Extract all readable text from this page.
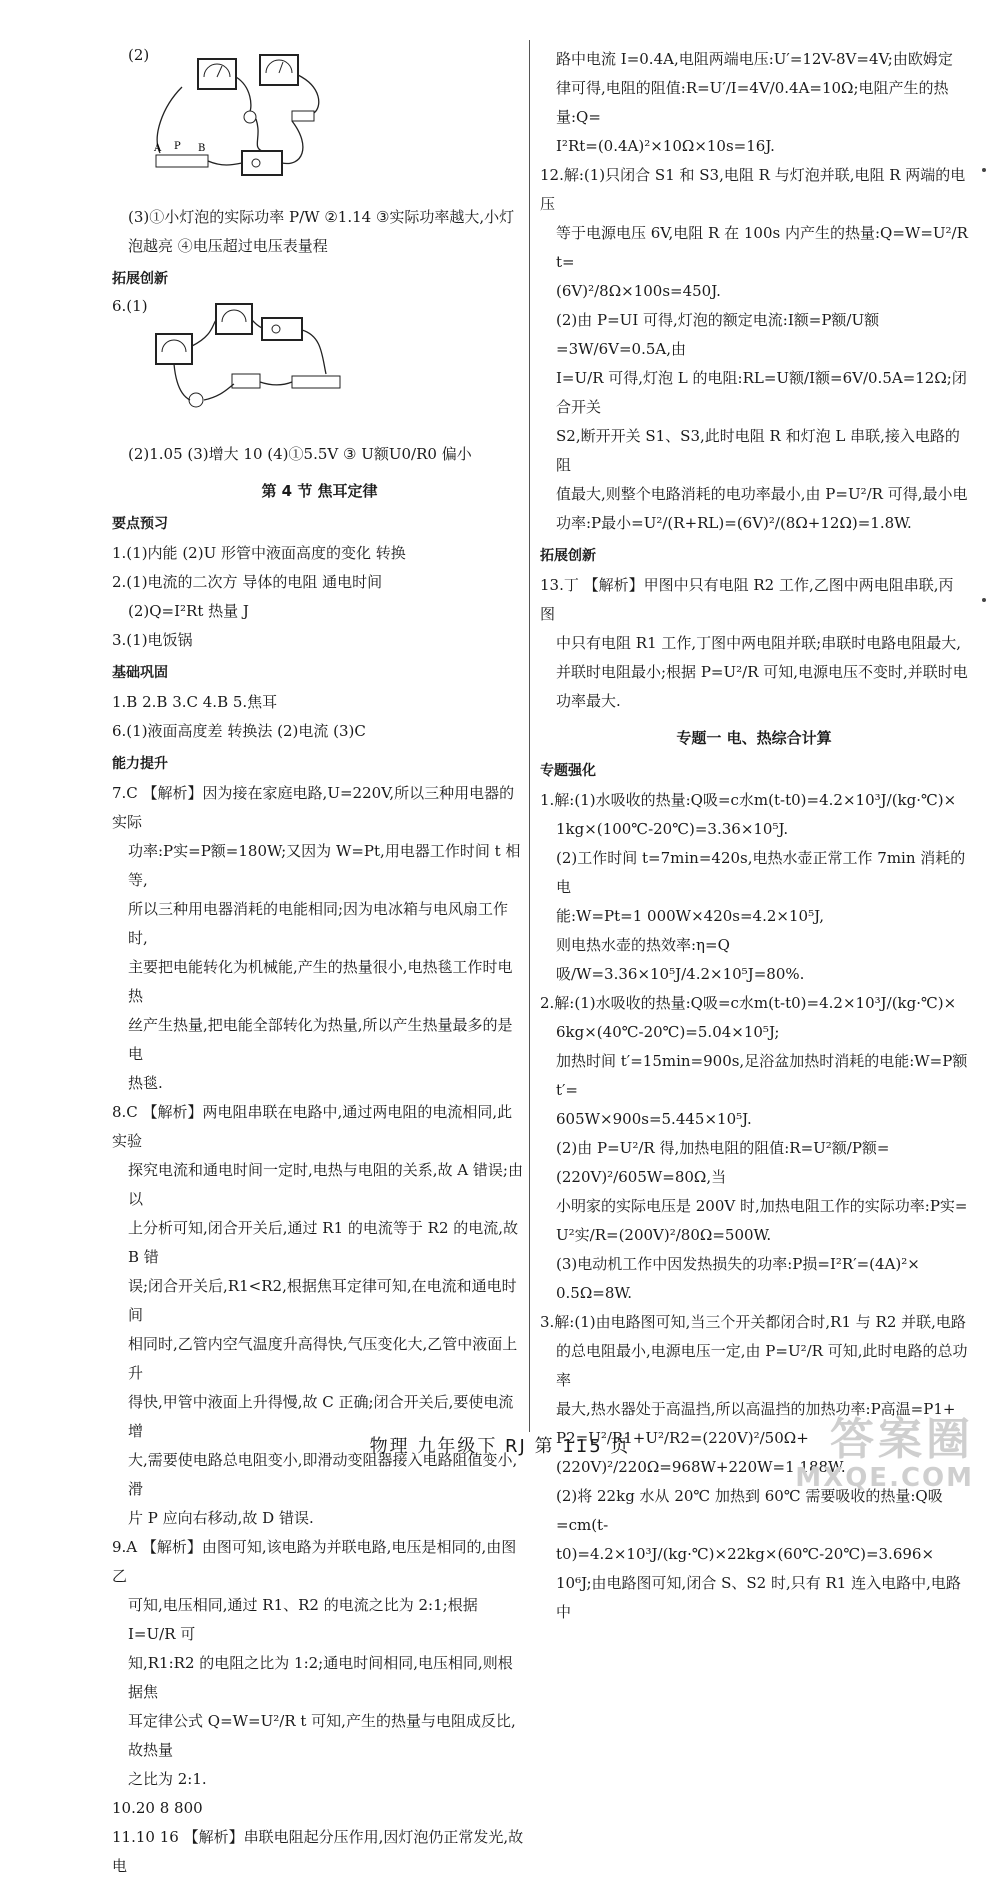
(2)
A P B

(3)①小灯泡的实际功率 P/W ②1.14 ③实际功率越大,小灯

泡越亮 ④电压超过电压表量程

拓展创新

6.(1)

(2)1.05 (3)增大 10 (4)①5.5V ③ U额U0/R0 偏小

第 4 节 焦耳定律

要点预习

1.(1)内能 (2)U 形管中液面高度的变化 转换

2.(1)电流的二次方 导体的电阻 通电时间

(2)Q=I²Rt 热量 J

3.(1)电饭锅

基础巩固

1.B 2.B 3.C 4.B 5.焦耳

6.(1)液面高度差 转换法 (2)电流 (3)C

能力提升

7.C 【解析】因为接在家庭电路,U=220V,所以三种用电器的实际

功率:P实=P额=180W;又因为 W=Pt,用电器工作时间 t 相等,

所以三种用电器消耗的电能相同;因为电冰箱与电风扇工作时,

主要把电能转化为机械能,产生的热量很小,电热毯工作时电热

丝产生热量,把电能全部转化为热量,所以产生热量最多的是电

热毯.

8.C 【解析】两电阻串联在电路中,通过两电阻的电流相同,此实验

探究电流和通电时间一定时,电热与电阻的关系,故 A 错误;由以

上分析可知,闭合开关后,通过 R1 的电流等于 R2 的电流,故 B 错

误;闭合开关后,R1<R2,根据焦耳定律可知,在电流和通电时间

相同时,乙管内空气温度升高得快,气压变化大,乙管中液面上升

得快,甲管中液面上升得慢,故 C 正确;闭合开关后,要使电流增

大,需要使电路总电阻变小,即滑动变阻器接入电路阻值变小,滑

片 P 应向右移动,故 D 错误.

9.A 【解析】由图可知,该电路为并联电路,电压是相同的,由图乙

可知,电压相同,通过 R1、R2 的电流之比为 2:1;根据 I=U/R 可

知,R1:R2 的电阻之比为 1:2;通电时间相同,电压相同,则根据焦

耳定律公式 Q=W=U²/R t 可知,产生的热量与电阻成反比,故热量

之比为 2:1.

10.20 8 800

11.10 16 【解析】串联电阻起分压作用,因灯泡仍正常发光,故电

路中电流 I=0.4A,电阻两端电压:U′=12V-8V=4V;由欧姆定

律可得,电阻的阻值:R=U′/I=4V/0.4A=10Ω;电阻产生的热量:Q=

I²Rt=(0.4A)²×10Ω×10s=16J.

12.解:(1)只闭合 S1 和 S3,电阻 R 与灯泡并联,电阻 R 两端的电压

等于电源电压 6V,电阻 R 在 100s 内产生的热量:Q=W=U²/R t=

(6V)²/8Ω×100s=450J.

(2)由 P=UI 可得,灯泡的额定电流:I额=P额/U额=3W/6V=0.5A,由

I=U/R 可得,灯泡 L 的电阻:RL=U额/I额=6V/0.5A=12Ω;闭合开关

S2,断开开关 S1、S3,此时电阻 R 和灯泡 L 串联,接入电路的阻

值最大,则整个电路消耗的电功率最小,由 P=U²/R 可得,最小电

功率:P最小=U²/(R+RL)=(6V)²/(8Ω+12Ω)=1.8W.

拓展创新

13.丁 【解析】甲图中只有电阻 R2 工作,乙图中两电阻串联,丙图

中只有电阻 R1 工作,丁图中两电阻并联;串联时电路电阻最大,

并联时电阻最小;根据 P=U²/R 可知,电源电压不变时,并联时电

功率最大.

专题一 电、热综合计算

专题强化

1.解:(1)水吸收的热量:Q吸=c水m(t-t0)=4.2×10³J/(kg·℃)×

1kg×(100℃-20℃)=3.36×10⁵J.

(2)工作时间 t=7min=420s,电热水壶正常工作 7min 消耗的电

能:W=Pt=1 000W×420s=4.2×10⁵J,

则电热水壶的热效率:η=Q吸/W=3.36×10⁵J/4.2×10⁵J=80%.

2.解:(1)水吸收的热量:Q吸=c水m(t-t0)=4.2×10³J/(kg·℃)×

6kg×(40℃-20℃)=5.04×10⁵J;

加热时间 t′=15min=900s,足浴盆加热时消耗的电能:W=P额t′=

605W×900s=5.445×10⁵J.

(2)由 P=U²/R 得,加热电阻的阻值:R=U²额/P额=(220V)²/605W=80Ω,当

小明家的实际电压是 200V 时,加热电阻工作的实际功率:P实=

U²实/R=(200V)²/80Ω=500W.

(3)电动机工作中因发热损失的功率:P损=I²R′=(4A)²×

0.5Ω=8W.

3.解:(1)由电路图可知,当三个开关都闭合时,R1 与 R2 并联,电路

的总电阻最小,电源电压一定,由 P=U²/R 可知,此时电路的总功率

最大,热水器处于高温挡,所以高温挡的加热功率:P高温=P1+

P2=U²/R1+U²/R2=(220V)²/50Ω+(220V)²/220Ω=968W+220W=1 188W.

(2)将 22kg 水从 20℃ 加热到 60℃ 需要吸收的热量:Q吸=cm(t-

t0)=4.2×10³J/(kg·℃)×22kg×(60℃-20℃)=3.696×

10⁶J;由电路图可知,闭合 S、S2 时,只有 R1 连入电路中,电路中

物理 九年级下 RJ 第 115 页	答案圈
MXQE.COM
